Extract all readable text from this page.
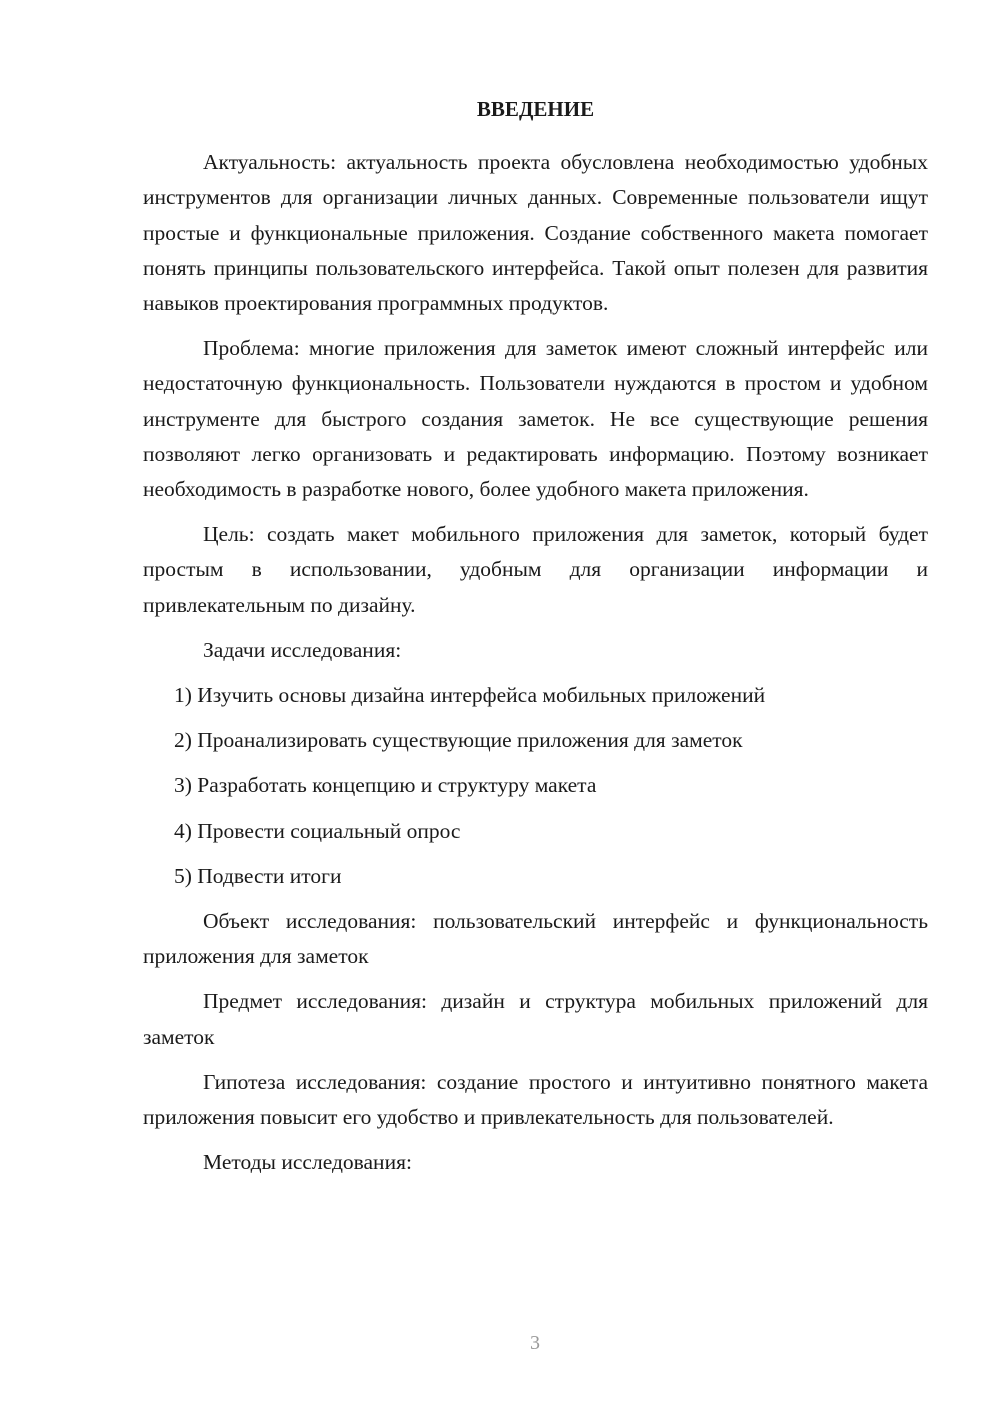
ВВЕДЕНИЕ

Актуальность: актуальность проекта обусловлена необходимостью удобных инструментов для организации личных данных. Современные пользователи ищут простые и функциональные приложения. Создание собственного макета помогает понять принципы пользовательского интерфейса. Такой опыт полезен для развития навыков проектирования программных продуктов.

Проблема: многие приложения для заметок имеют сложный интерфейс или недостаточную функциональность. Пользователи нуждаются в простом и удобном инструменте для быстрого создания заметок. Не все существующие решения позволяют легко организовать и редактировать информацию. Поэтому возникает необходимость в разработке нового, более удобного макета приложения.

Цель: создать макет мобильного приложения для заметок, который будет простым в использовании, удобным для организации информации и привлекательным по дизайну.

Задачи исследования:

1) Изучить основы дизайна интерфейса мобильных приложений
2) Проанализировать существующие приложения для заметок
3) Разработать концепцию и структуру макета
4) Провести социальный опрос
5) Подвести итоги

Объект исследования: пользовательский интерфейс и функциональность приложения для заметок

Предмет исследования: дизайн и структура мобильных приложений для заметок

Гипотеза исследования: создание простого и интуитивно понятного макета приложения повысит его удобство и привлекательность для пользователей.

Методы исследования:

3
